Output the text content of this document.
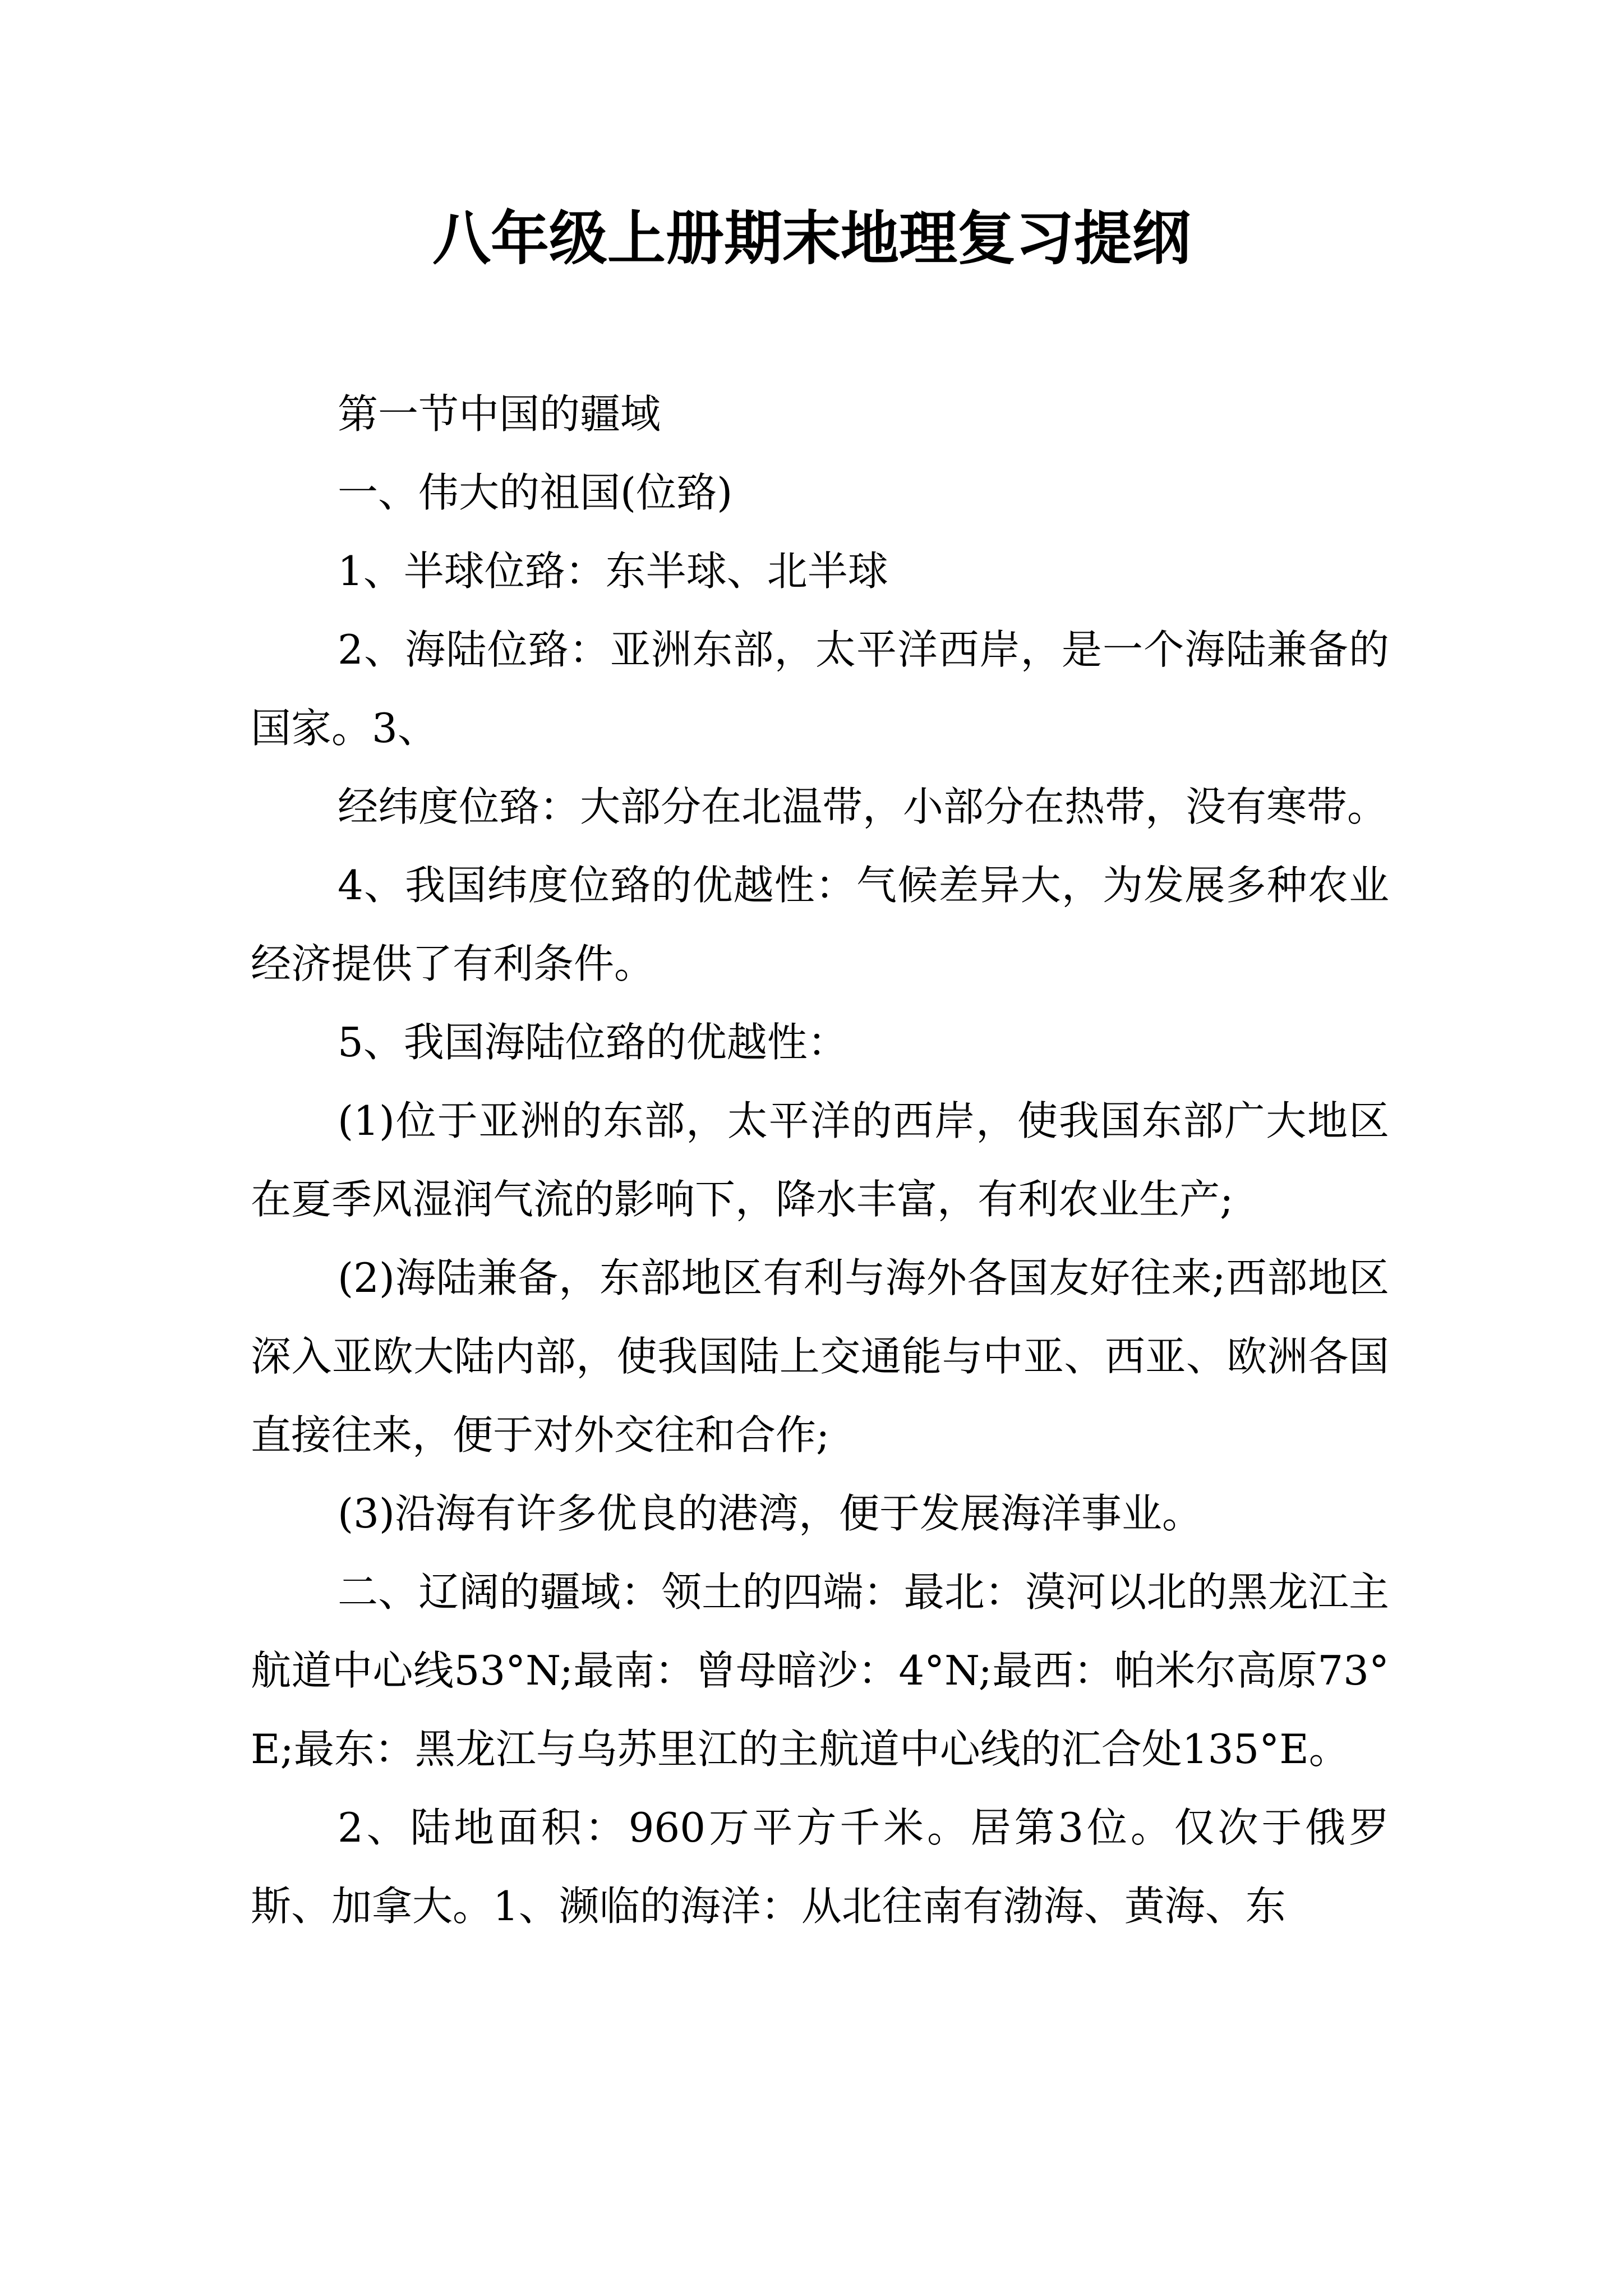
八年级上册期末地理复习提纲

第一节中国的疆域

一、伟大的祖国(位臵)

1、半球位臵：东半球、北半球

2、海陆位臵：亚洲东部，太平洋西岸，是一个海陆兼备的国家。3、

经纬度位臵：大部分在北温带，小部分在热带，没有寒带。

4、我国纬度位臵的优越性：气候差异大，为发展多种农业经济提供了有利条件。

5、我国海陆位臵的优越性：

(1)位于亚洲的东部，太平洋的西岸，使我国东部广大地区在夏季风湿润气流的影响下，降水丰富，有利农业生产;

(2)海陆兼备，东部地区有利与海外各国友好往来;西部地区深入亚欧大陆内部，使我国陆上交通能与中亚、西亚、欧洲各国直接往来，便于对外交往和合作;

(3)沿海有许多优良的港湾，便于发展海洋事业。

二、辽阔的疆域：领土的四端：最北：漠河以北的黑龙江主航道中心线53°N;最南：曾母暗沙：4°N;最西：帕米尔高原73°E;最东：黑龙江与乌苏里江的主航道中心线的汇合处135°E。

2、陆地面积：960万平方千米。居第3位。仅次于俄罗斯、加拿大。1、濒临的海洋：从北往南有渤海、黄海、东
